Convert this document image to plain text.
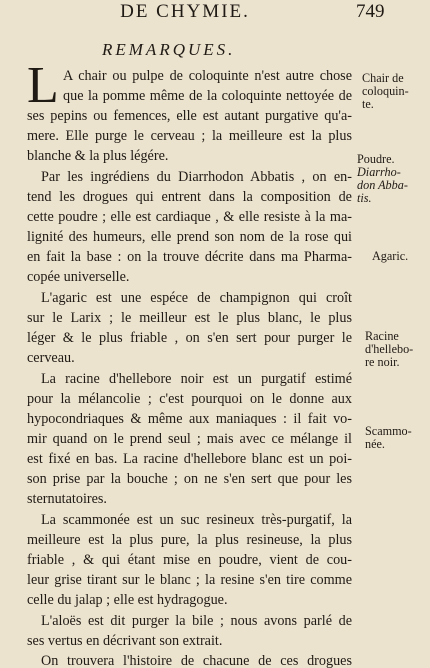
DE CHYMIE.	749
REMARQUES.
L A chair ou pulpe de coloquinte n'est autre chose
que la pomme même de la coloquinte nettoyée de
ses pepins ou femences, elle est autant purgative qu'a-
mere. Elle purge le cerveau ; la meilleure est la plus
blanche & la plus légére.
Par les ingrédiens du Diarrhodon Abbatis , on en-
tend les drogues qui entrent dans la composition de
cette poudre ; elle est cardiaque , & elle resiste à la ma-
lignité des humeurs, elle prend son nom de la rose qui
en fait la base : on la trouve décrite dans ma Pharma-
copée universelle.
L'agaric est une espéce de champignon qui croît
sur le Larix ; le meilleur est le plus blanc, le plus
léger & le plus friable , on s'en sert pour purger le
cerveau.
La racine d'hellebore noir est un purgatif estimé
pour la mélancolie ; c'est pourquoi on le donne aux
hypocondriaques & même aux maniaques : il fait vo-
mir quand on le prend seul ; mais avec ce mélange il
est fixé en bas. La racine d'hellebore blanc est un poi-
son prise par la bouche ; on ne s'en sert que pour les
sternutatoires.
La scammonée est un suc resineux très-purgatif, la
meilleure est la plus pure, la plus resineuse, la plus
friable , & qui étant mise en poudre, vient de cou-
leur grise tirant sur le blanc ; la resine s'en tire comme
celle du jalap ; elle est hydragogue.
L'aloës est dit purger la bile ; nous avons parlé de
ses vertus en décrivant son extrait.
On trouvera l'histoire de chacune de ces drogues
Chair de
coloquin-
te.
Poudre.
Diarrho-
don Abba-
tis.
Agaric.
Racine
d'hellebo-
re noir.
Scammo-
née.
